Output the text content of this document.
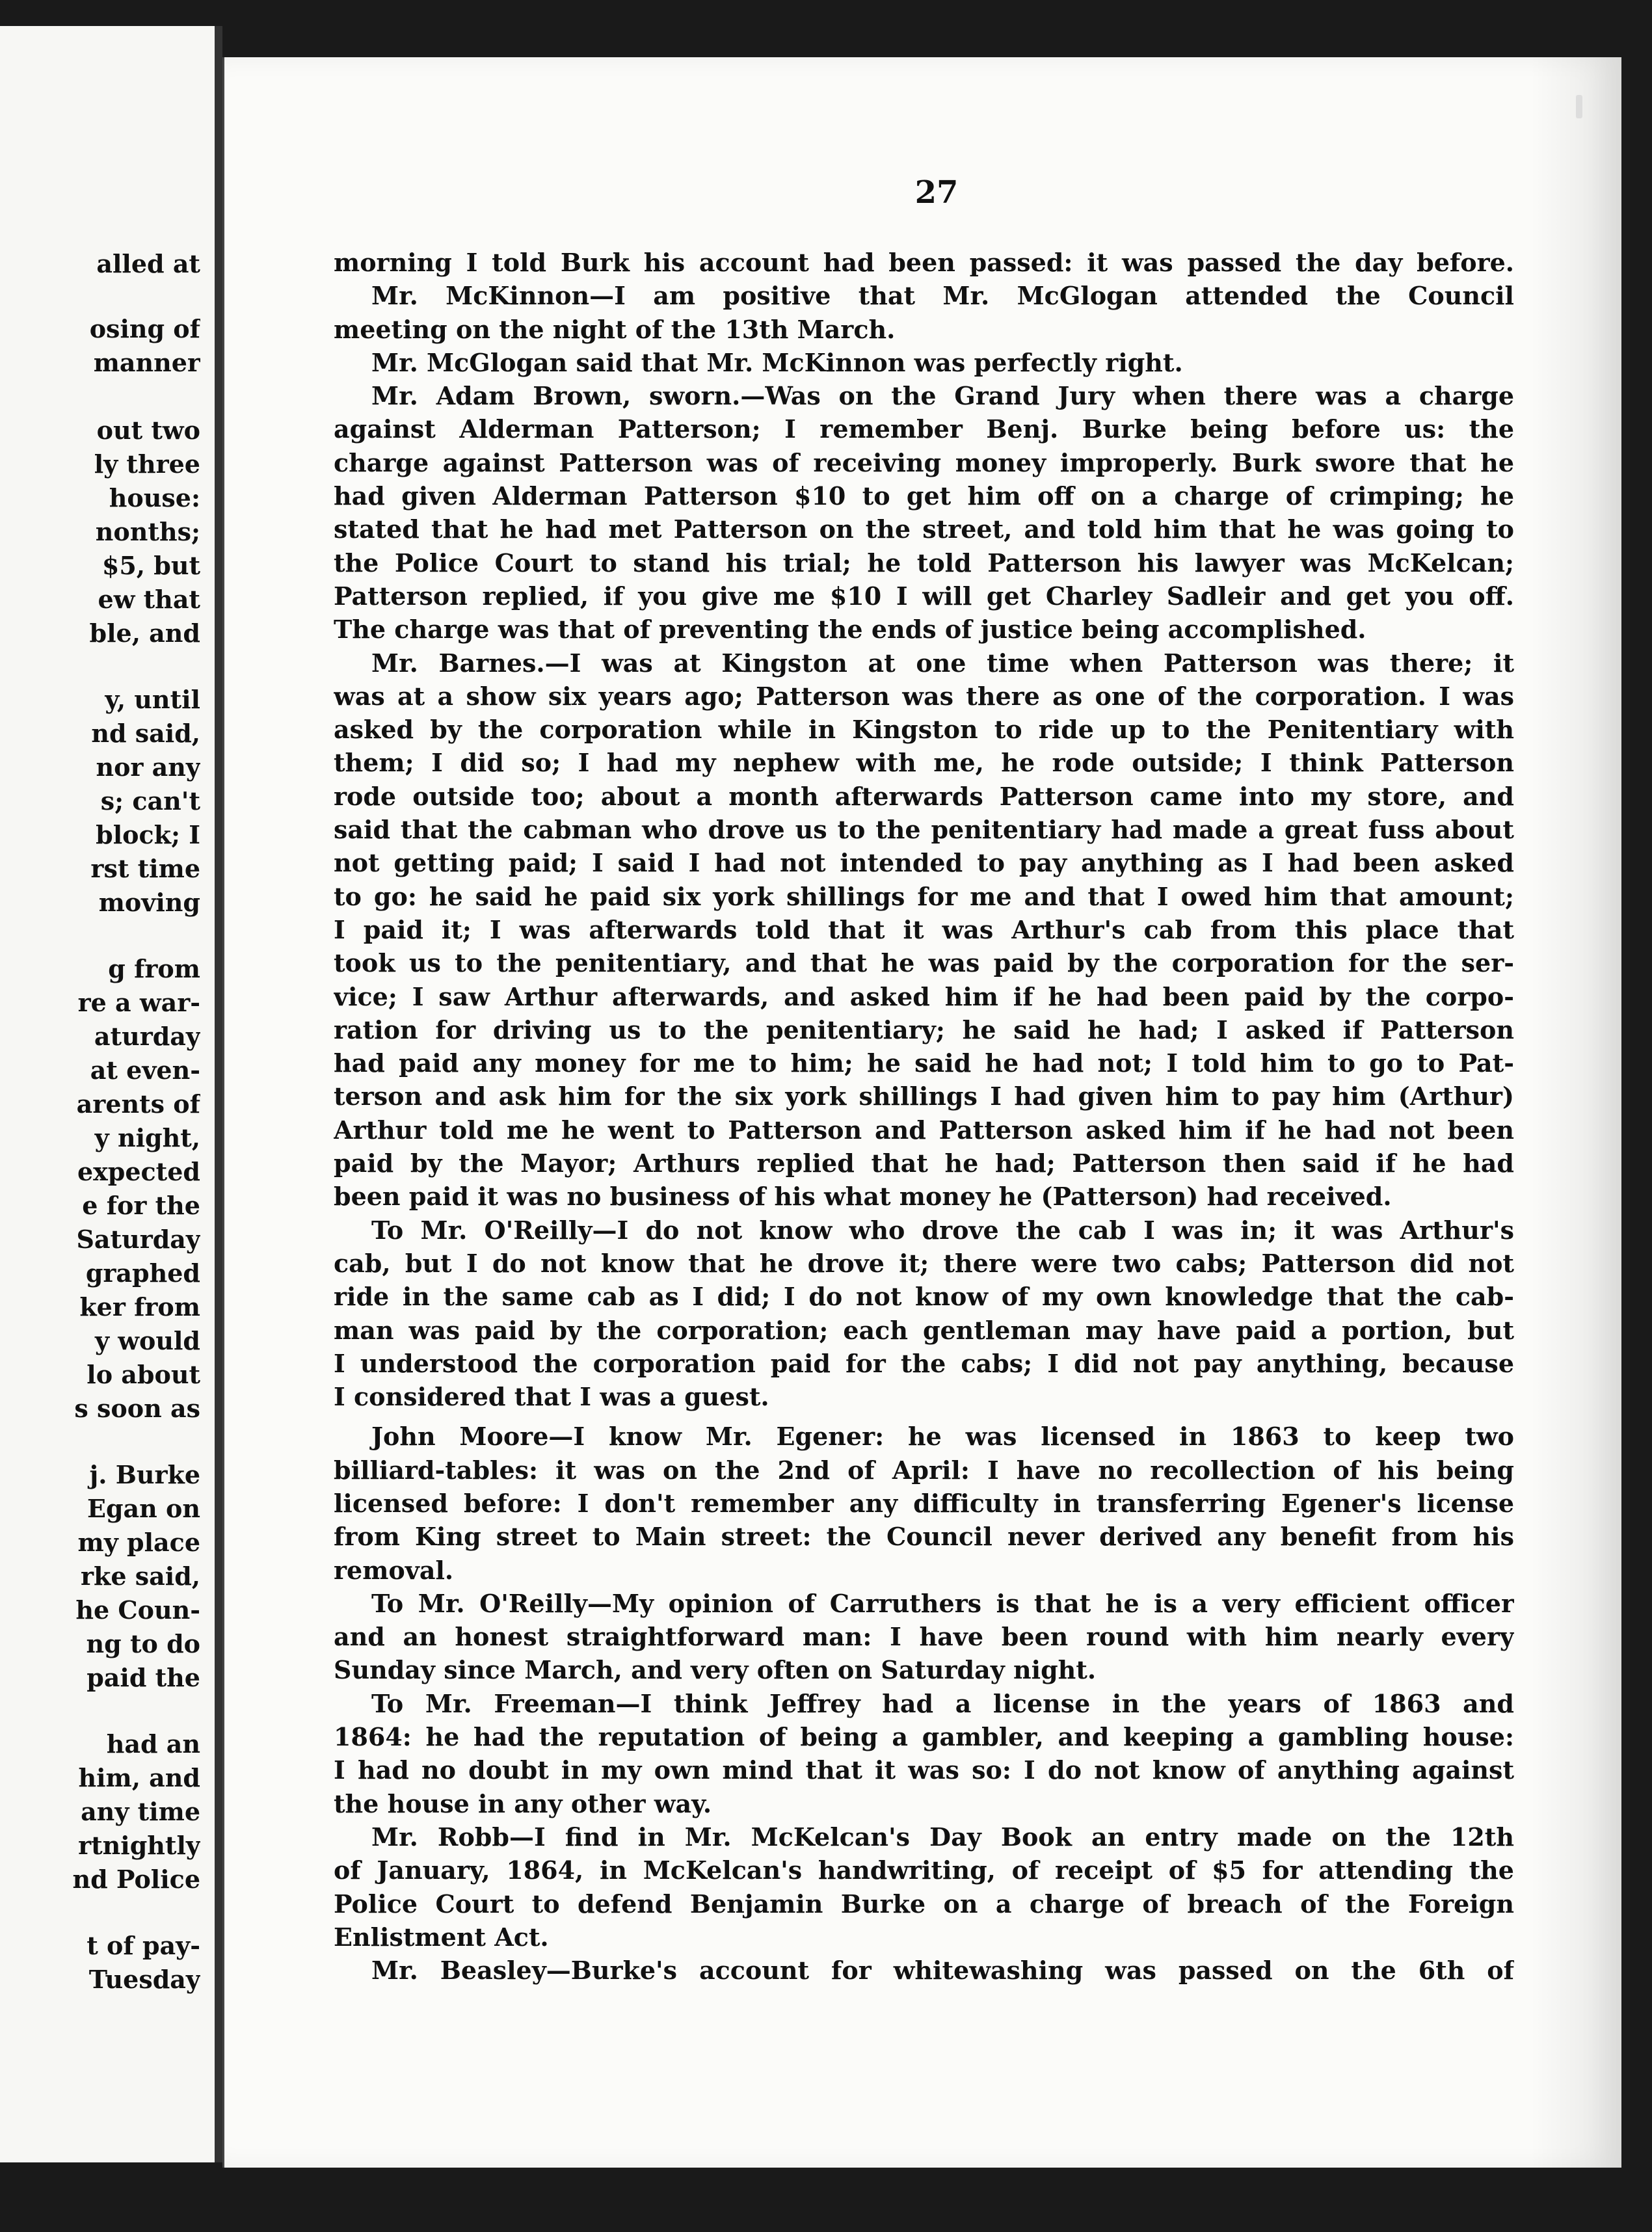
alled at
osing of
manner
out two
ly three
house:
nonths;
$5, but
ew that
ble, and
y, until
nd said,
nor any
s; can't
block; I
rst time
moving
g from
re a war-
aturday
at even-
arents of
y night,
expected
e for the
Saturday
graphed
ker from
y would
lo about
s soon as
j. Burke
Egan on
my place
rke said,
he Coun-
ng to do
paid the
had an
him, and
any time
rtnightly
nd Police
t of pay-
Tuesday
27
morning I told Burk his account had been passed: it was passed the day before.
Mr. McKinnon—I am positive that Mr. McGlogan attended the Council
meeting on the night of the 13th March.
Mr. McGlogan said that Mr. McKinnon was perfectly right.
Mr. Adam Brown, sworn.—Was on the Grand Jury when there was a charge
against Alderman Patterson; I remember Benj. Burke being before us: the
charge against Patterson was of receiving money improperly. Burk swore that he
had given Alderman Patterson $10 to get him off on a charge of crimping; he
stated that he had met Patterson on the street, and told him that he was going to
the Police Court to stand his trial; he told Patterson his lawyer was McKelcan;
Patterson replied, if you give me $10 I will get Charley Sadleir and get you off.
The charge was that of preventing the ends of justice being accomplished.
Mr. Barnes.—I was at Kingston at one time when Patterson was there; it
was at a show six years ago; Patterson was there as one of the corporation. I was
asked by the corporation while in Kingston to ride up to the Penitentiary with
them; I did so; I had my nephew with me, he rode outside; I think Patterson
rode outside too; about a month afterwards Patterson came into my store, and
said that the cabman who drove us to the penitentiary had made a great fuss about
not getting paid; I said I had not intended to pay anything as I had been asked
to go: he said he paid six york shillings for me and that I owed him that amount;
I paid it; I was afterwards told that it was Arthur's cab from this place that
took us to the penitentiary, and that he was paid by the corporation for the ser-
vice; I saw Arthur afterwards, and asked him if he had been paid by the corpo-
ration for driving us to the penitentiary; he said he had; I asked if Patterson
had paid any money for me to him; he said he had not; I told him to go to Pat-
terson and ask him for the six york shillings I had given him to pay him (Arthur)
Arthur told me he went to Patterson and Patterson asked him if he had not been
paid by the Mayor; Arthurs replied that he had; Patterson then said if he had
been paid it was no business of his what money he (Patterson) had received.
To Mr. O'Reilly—I do not know who drove the cab I was in; it was Arthur's
cab, but I do not know that he drove it; there were two cabs; Patterson did not
ride in the same cab as I did; I do not know of my own knowledge that the cab-
man was paid by the corporation; each gentleman may have paid a portion, but
I understood the corporation paid for the cabs; I did not pay anything, because
I considered that I was a guest.
John Moore—I know Mr. Egener: he was licensed in 1863 to keep two
billiard-tables: it was on the 2nd of April: I have no recollection of his being
licensed before: I don't remember any difficulty in transferring Egener's license
from King street to Main street: the Council never derived any benefit from his
removal.
To Mr. O'Reilly—My opinion of Carruthers is that he is a very efficient officer
and an honest straightforward man: I have been round with him nearly every
Sunday since March, and very often on Saturday night.
To Mr. Freeman—I think Jeffrey had a license in the years of 1863 and
1864: he had the reputation of being a gambler, and keeping a gambling house:
I had no doubt in my own mind that it was so: I do not know of anything against
the house in any other way.
Mr. Robb—I find in Mr. McKelcan's Day Book an entry made on the 12th
of January, 1864, in McKelcan's handwriting, of receipt of $5 for attending the
Police Court to defend Benjamin Burke on a charge of breach of the Foreign
Enlistment Act.
Mr. Beasley—Burke's account for whitewashing was passed on the 6th of
